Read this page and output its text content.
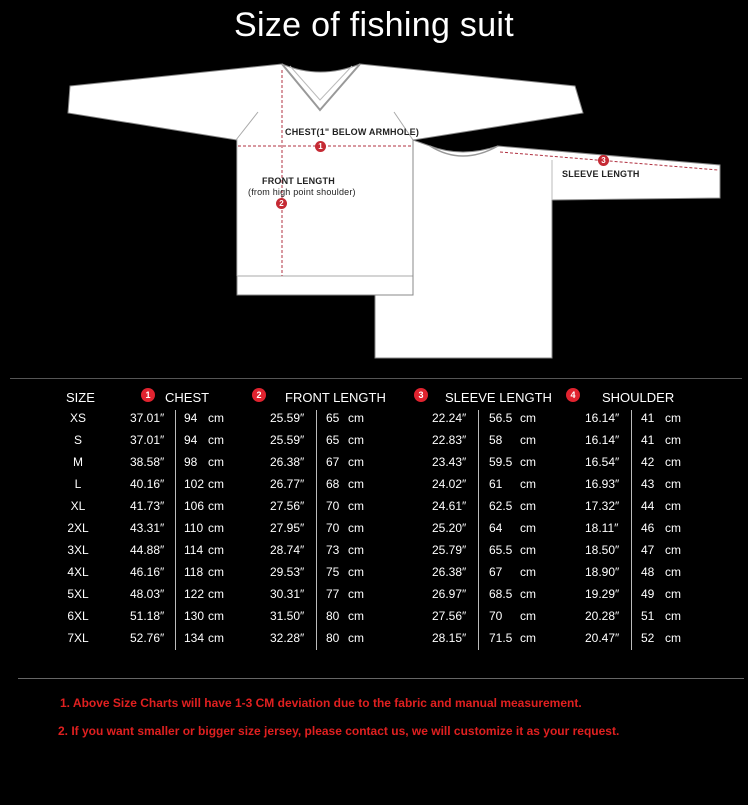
Size of fishing suit
CHEST(1" BELOW ARMHOLE)
1
FRONT LENGTH
(from high point shoulder)
2
3
SLEEVE LENGTH
SIZE	1	CHEST	2	FRONT LENGTH	3	SLEEVE LENGTH	4	SHOULDER
XS	37.01″ 94 cm	25.59″ 65 cm	22.24″ 56.5 cm	16.14″ 41 cm
S	37.01″ 94 cm	25.59″ 65 cm	22.83″ 58 cm	16.14″ 41 cm
M	38.58″ 98 cm	26.38″ 67 cm	23.43″ 59.5 cm	16.54″ 42 cm
L	40.16″ 102 cm	26.77″ 68 cm	24.02″ 61 cm	16.93″ 43 cm
XL	41.73″ 106 cm	27.56″ 70 cm	24.61″ 62.5 cm	17.32″ 44 cm
2XL	43.31″ 110 cm	27.95″ 70 cm	25.20″ 64 cm	18.11″ 46 cm
3XL	44.88″ 114 cm	28.74″ 73 cm	25.79″ 65.5 cm	18.50″ 47 cm
4XL	46.16″ 118 cm	29.53″ 75 cm	26.38″ 67 cm	18.90″ 48 cm
5XL	48.03″ 122 cm	30.31″ 77 cm	26.97″ 68.5 cm	19.29″ 49 cm
6XL	51.18″ 130 cm	31.50″ 80 cm	27.56″ 70 cm	20.28″ 51 cm
7XL	52.76″ 134 cm	32.28″ 80 cm	28.15″ 71.5 cm	20.47″ 52 cm
1. Above Size Charts will have 1-3 CM deviation due to the fabric and manual measurement.
2. If you want smaller or bigger size jersey, please contact us, we will customize it as your request.
